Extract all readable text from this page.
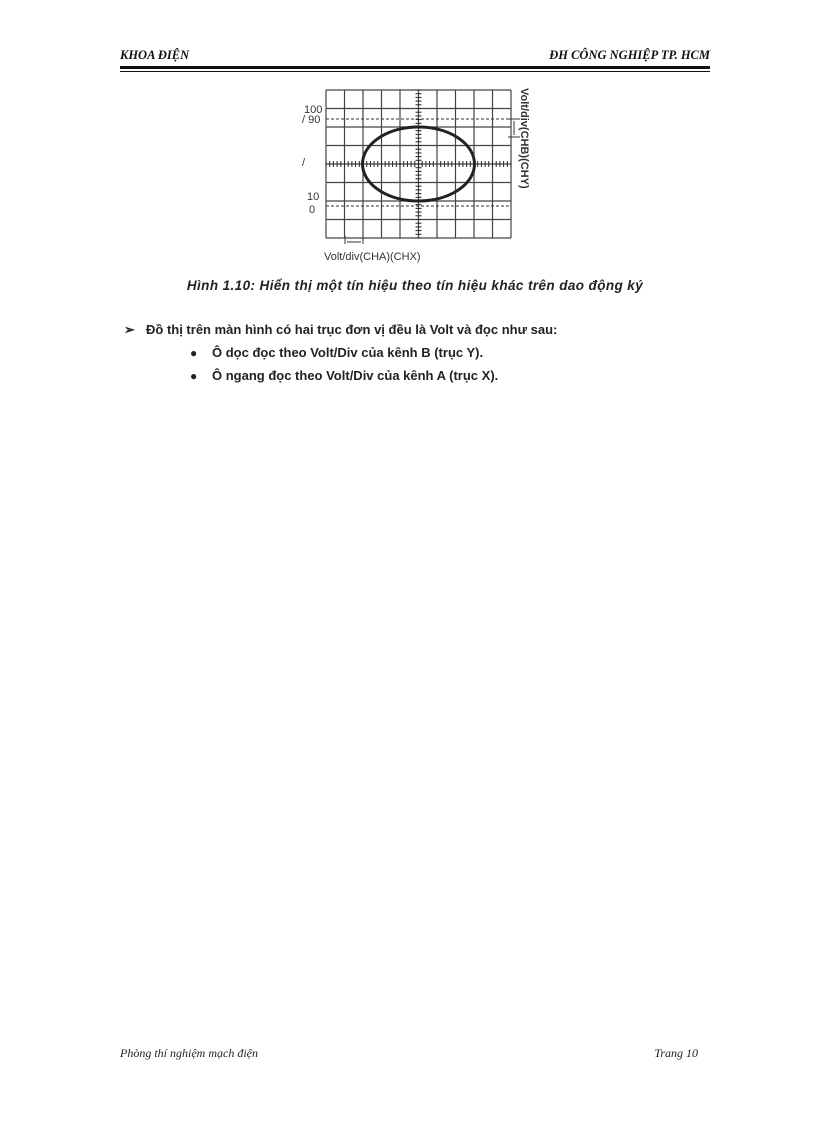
KHOA ĐIỆN	ĐH CÔNG NGHIỆP TP. HCM
100
/ 90
/
10
0
Volt/div(CHB)(CHY)
Volt/div(CHA)(CHX)
Hình 1.10: Hiển thị một tín hiệu theo tín hiệu khác trên dao động ký
➢ Đồ thị trên màn hình có hai trục đơn vị đều là Volt và đọc như sau:
● Ô dọc đọc theo Volt/Div của kênh B (trục Y).
● Ô ngang đọc theo Volt/Div của kênh A (trục X).
Phòng thí nghiệm mạch điện	Trang 10
